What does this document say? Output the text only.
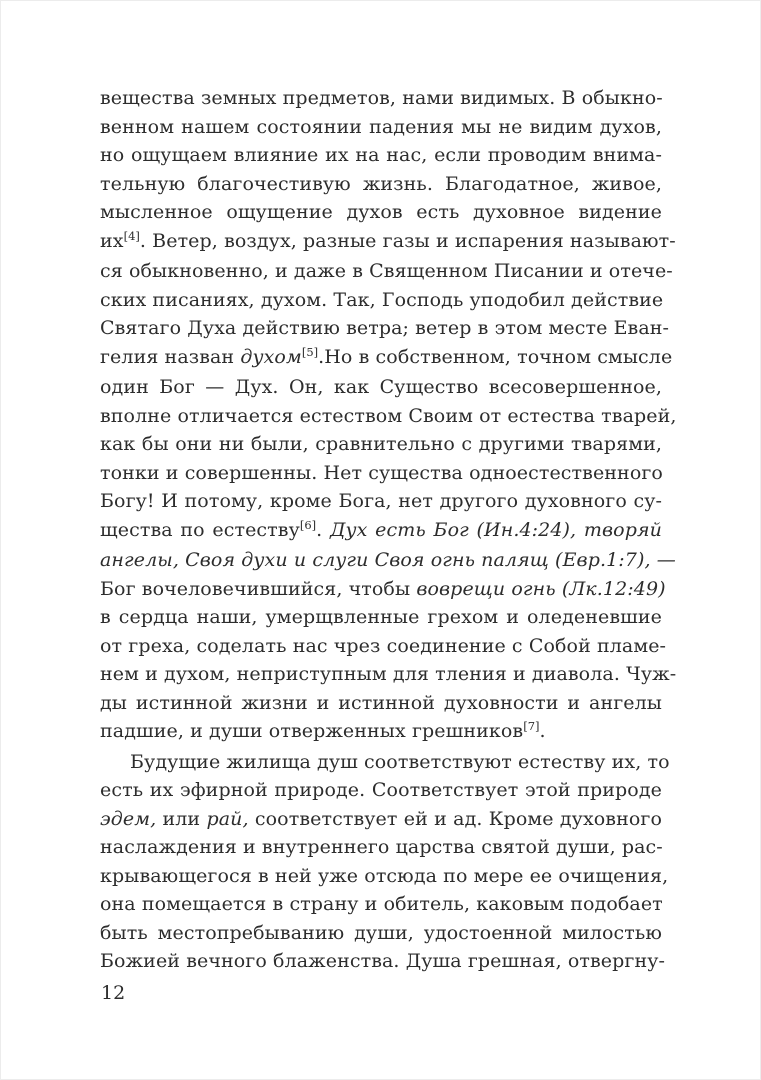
вещества земных предметов, нами видимых. В обыкно-
венном нашем состоянии падения мы не видим духов,
но ощущаем влияние их на нас, если проводим внима-
тельную благочестивую жизнь. Благодатное, живое,
мысленное ощущение духов есть духовное видение
их[4]. Ветер, воздух, разные газы и испарения называют-
ся обыкновенно, и даже в Священном Писании и отече-
ских писаниях, духом. Так, Господь уподобил действие
Святаго Духа действию ветра; ветер в этом месте Еван-
гелия назван духом[5].Но в собственном, точном смысле
один Бог — Дух. Он, как Существо всесовершенное,
вполне отличается естеством Своим от естества тварей,
как бы они ни были, сравнительно с другими тварями,
тонки и совершенны. Нет существа одноестественного
Богу! И потому, кроме Бога, нет другого духовного су-
щества по естеству[6]. Дух есть Бог (Ин.4:24), творяй
ангелы, Своя духи и слуги Своя огнь палящ (Евр.1:7), —
Бог вочеловечившийся, чтобы воврещи огнь (Лк.12:49)
в сердца наши, умерщвленные грехом и оледеневшие
от греха, соделать нас чрез соединение с Собой пламе-
нем и духом, неприступным для тления и диавола. Чуж-
ды истинной жизни и истинной духовности и ангелы
падшие, и души отверженных грешников[7].
Будущие жилища душ соответствуют естеству их, то
есть их эфирной природе. Соответствует этой природе
эдем, или рай, соответствует ей и ад. Кроме духовного
наслаждения и внутреннего царства святой души, рас-
крывающегося в ней уже отсюда по мере ее очищения,
она помещается в страну и обитель, каковым подобает
быть местопребыванию души, удостоенной милостью
Божией вечного блаженства. Душа грешная, отвергну-
12
